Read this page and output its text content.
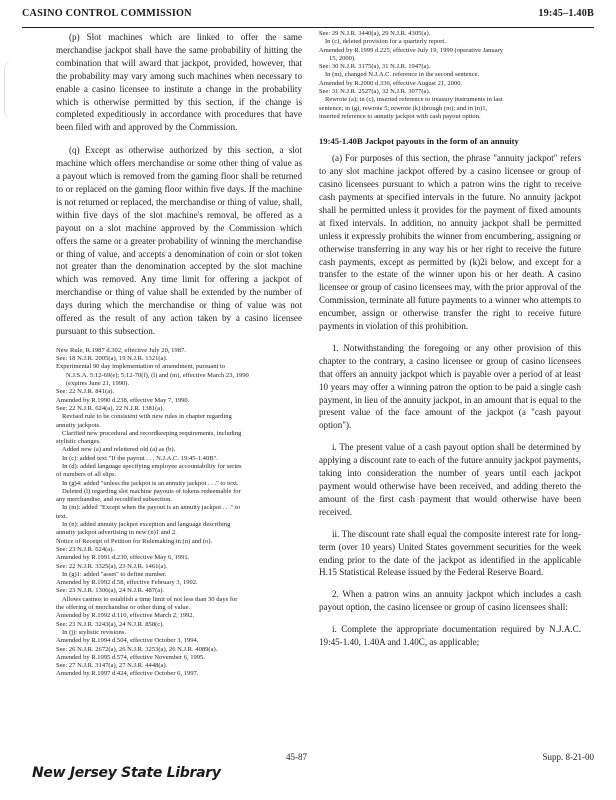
CASINO CONTROL COMMISSION	19:45–1.40B

(p) Slot machines which are linked to offer the same merchandise jackpot shall have the same probability of hitting the combination that will award that jackpot, provided, however, that the probability may vary among such machines when necessary to enable a casino licensee to institute a change in the probability which is otherwise permitted by this section, if the change is completed expeditiously in accordance with procedures that have been filed with and approved by the Commission.

(q) Except as otherwise authorized by this section, a slot machine which offers merchandise or some other thing of value as a payout which is removed from the gaming floor shall be returned to or replaced on the gaming floor within five days. If the machine is not returned or replaced, the merchandise or thing of value, shall, within five days of the slot machine's removal, be offered as a payout on a slot machine approved by the Commission which offers the same or a greater probability of winning the merchandise or thing of value, and accepts a denomination of coin or slot token not greater than the denomination accepted by the slot machine which was removed. Any time limit for offering a jackpot of merchandise or thing of value shall be extended by the number of days during which the merchandise or thing of value was not offered as the result of any action taken by a casino licensee pursuant to this subsection.

New Rule, R.1987 d.302, effective July 20, 1987.
See: 18 N.J.R. 2005(a), 19 N.J.R. 1321(a).
Experimental 90 day implementation of amendment, pursuant to
N.J.S.A. 5:12-69(e); 5:12-70(f), (l) and (m), effective March 23, 1990
(expires June 21, 1990).
See: 22 N.J.R. 841(a).
Amended by R.1990 d.238, effective May 7, 1990.
See: 22 N.J.R. 624(a), 22 N.J.R. 1381(a).
Revised rule to be consistent with new rules in chapter regarding
annuity jackpots.
Clarified new procedural and recordkeeping requirements, including
stylistic changes.
Added new (a) and relettered old (a) as (b).
In (c): added text "If the payout . . . N.J.A.C. 19:45-1.40B".
In (d): added language specifying employee accountability for series
of numbers of all slips.
In (g)4: added "unless the jackpot is an annuity jackpot . . ." to text.
Deleted (l) regarding slot machine payouts of tokens redeemable for
any merchandise, and recodified subsection.
In (m): added "Except when the payout is an annuity jackpot . . ." to
text.
In (n): added annuity jackpot exception and language describing
annuity jackpot advertising in new (n)1 and 2.
Notice of Receipt of Petition for Rulemaking in (n) and (o).
See: 23 N.J.R. 624(a).
Amended by R.1991 d.230, effective May 6, 1991.
See: 22 N.J.R. 3325(a), 23 N.J.R. 1461(a).
In (g)1: added "asset" to define number.
Amended by R.1992 d.58, effective February 3, 1992.
See: 23 N.J.R. 1306(a), 24 N.J.R. 487(a).
Allows casinos to establish a time limit of not less than 30 days for
the offering of merchandise or other thing of value.
Amended by R.1992 d.110, effective March 2, 1992.
See: 23 N.J.R. 3243(a), 24 N.J.R. 858(c).
In (j): stylistic revisions.
Amended by R.1994 d.504, effective October 3, 1994.
See: 26 N.J.R. 2672(a), 26 N.J.R. 3253(a), 26 N.J.R. 4089(a).
Amended by R.1995 d.574, effective November 6, 1995.
See: 27 N.J.R. 3147(a), 27 N.J.R. 4448(a).
Amended by R.1997 d.424, effective October 6, 1997.
See: 29 N.J.R. 3440(a), 29 N.J.R. 4305(a).
In (c), deleted provision for a quarterly report.
Amended by R.1999 d.225, effective July 19, 1999 (operative January
15, 2000).
See: 30 N.J.R. 3175(a), 31 N.J.R. 1947(a).
In (m), changed N.J.A.C. reference in the second sentence.
Amended by R.2000 d.336, effective August 21, 2000.
See: 31 N.J.R. 2527(a), 32 N.J.R. 3077(a).
Rewrote (a); in (c), inserted reference to treasury instruments in last
sentence; in (g), rewrote 5; rewrote (k) through (m); and in (n)1,
inserted reference to annuity jackpot with cash payout option.
19:45-1.40B Jackpot payouts in the form of an annuity

(a) For purposes of this section, the phrase "annuity jackpot" refers to any slot machine jackpot offered by a casino licensee or group of casino licensees pursuant to which a patron wins the right to receive cash payments at specified intervals in the future. No annuity jackpot shall be permitted unless it provides for the payment of fixed amounts at fixed intervals. In addition, no annuity jackpot shall be permitted unless it expressly prohibits the winner from encumbering, assigning or otherwise transferring in any way his or her right to receive the future cash payments, except as permitted by (k)2i below, and except for a transfer to the estate of the winner upon his or her death. A casino licensee or group of casino licensees may, with the prior approval of the Commission, terminate all future payments to a winner who attempts to encumber, assign or otherwise transfer the right to receive future payments in violation of this prohibition.

1. Notwithstanding the foregoing or any other provision of this chapter to the contrary, a casino licensee or group of casino licensees that offers an annuity jackpot which is payable over a period of at least 10 years may offer a winning patron the option to be paid a single cash payment, in lieu of the annuity jackpot, in an amount that is equal to the present value of the face amount of the jackpot (a "cash payout option").

i. The present value of a cash payout option shall be determined by applying a discount rate to each of the future annuity jackpot payments, taking into consideration the number of years until each jackpot payment would otherwise have been received, and adding thereto the amount of the first cash payment that would otherwise have been received.

ii. The discount rate shall equal the composite interest rate for long-term (over 10 years) United States government securities for the week ending prior to the date of the jackpot as identified in the applicable H.15 Statistical Release issued by the Federal Reserve Board.

2. When a patron wins an annuity jackpot which includes a cash payout option, the casino licensee or group of casino licensees shall:

i. Complete the appropriate documentation required by N.J.A.C. 19:45-1.40, 1.40A and 1.40C, as applicable;

45-87	Supp. 8-21-00
New Jersey State Library
